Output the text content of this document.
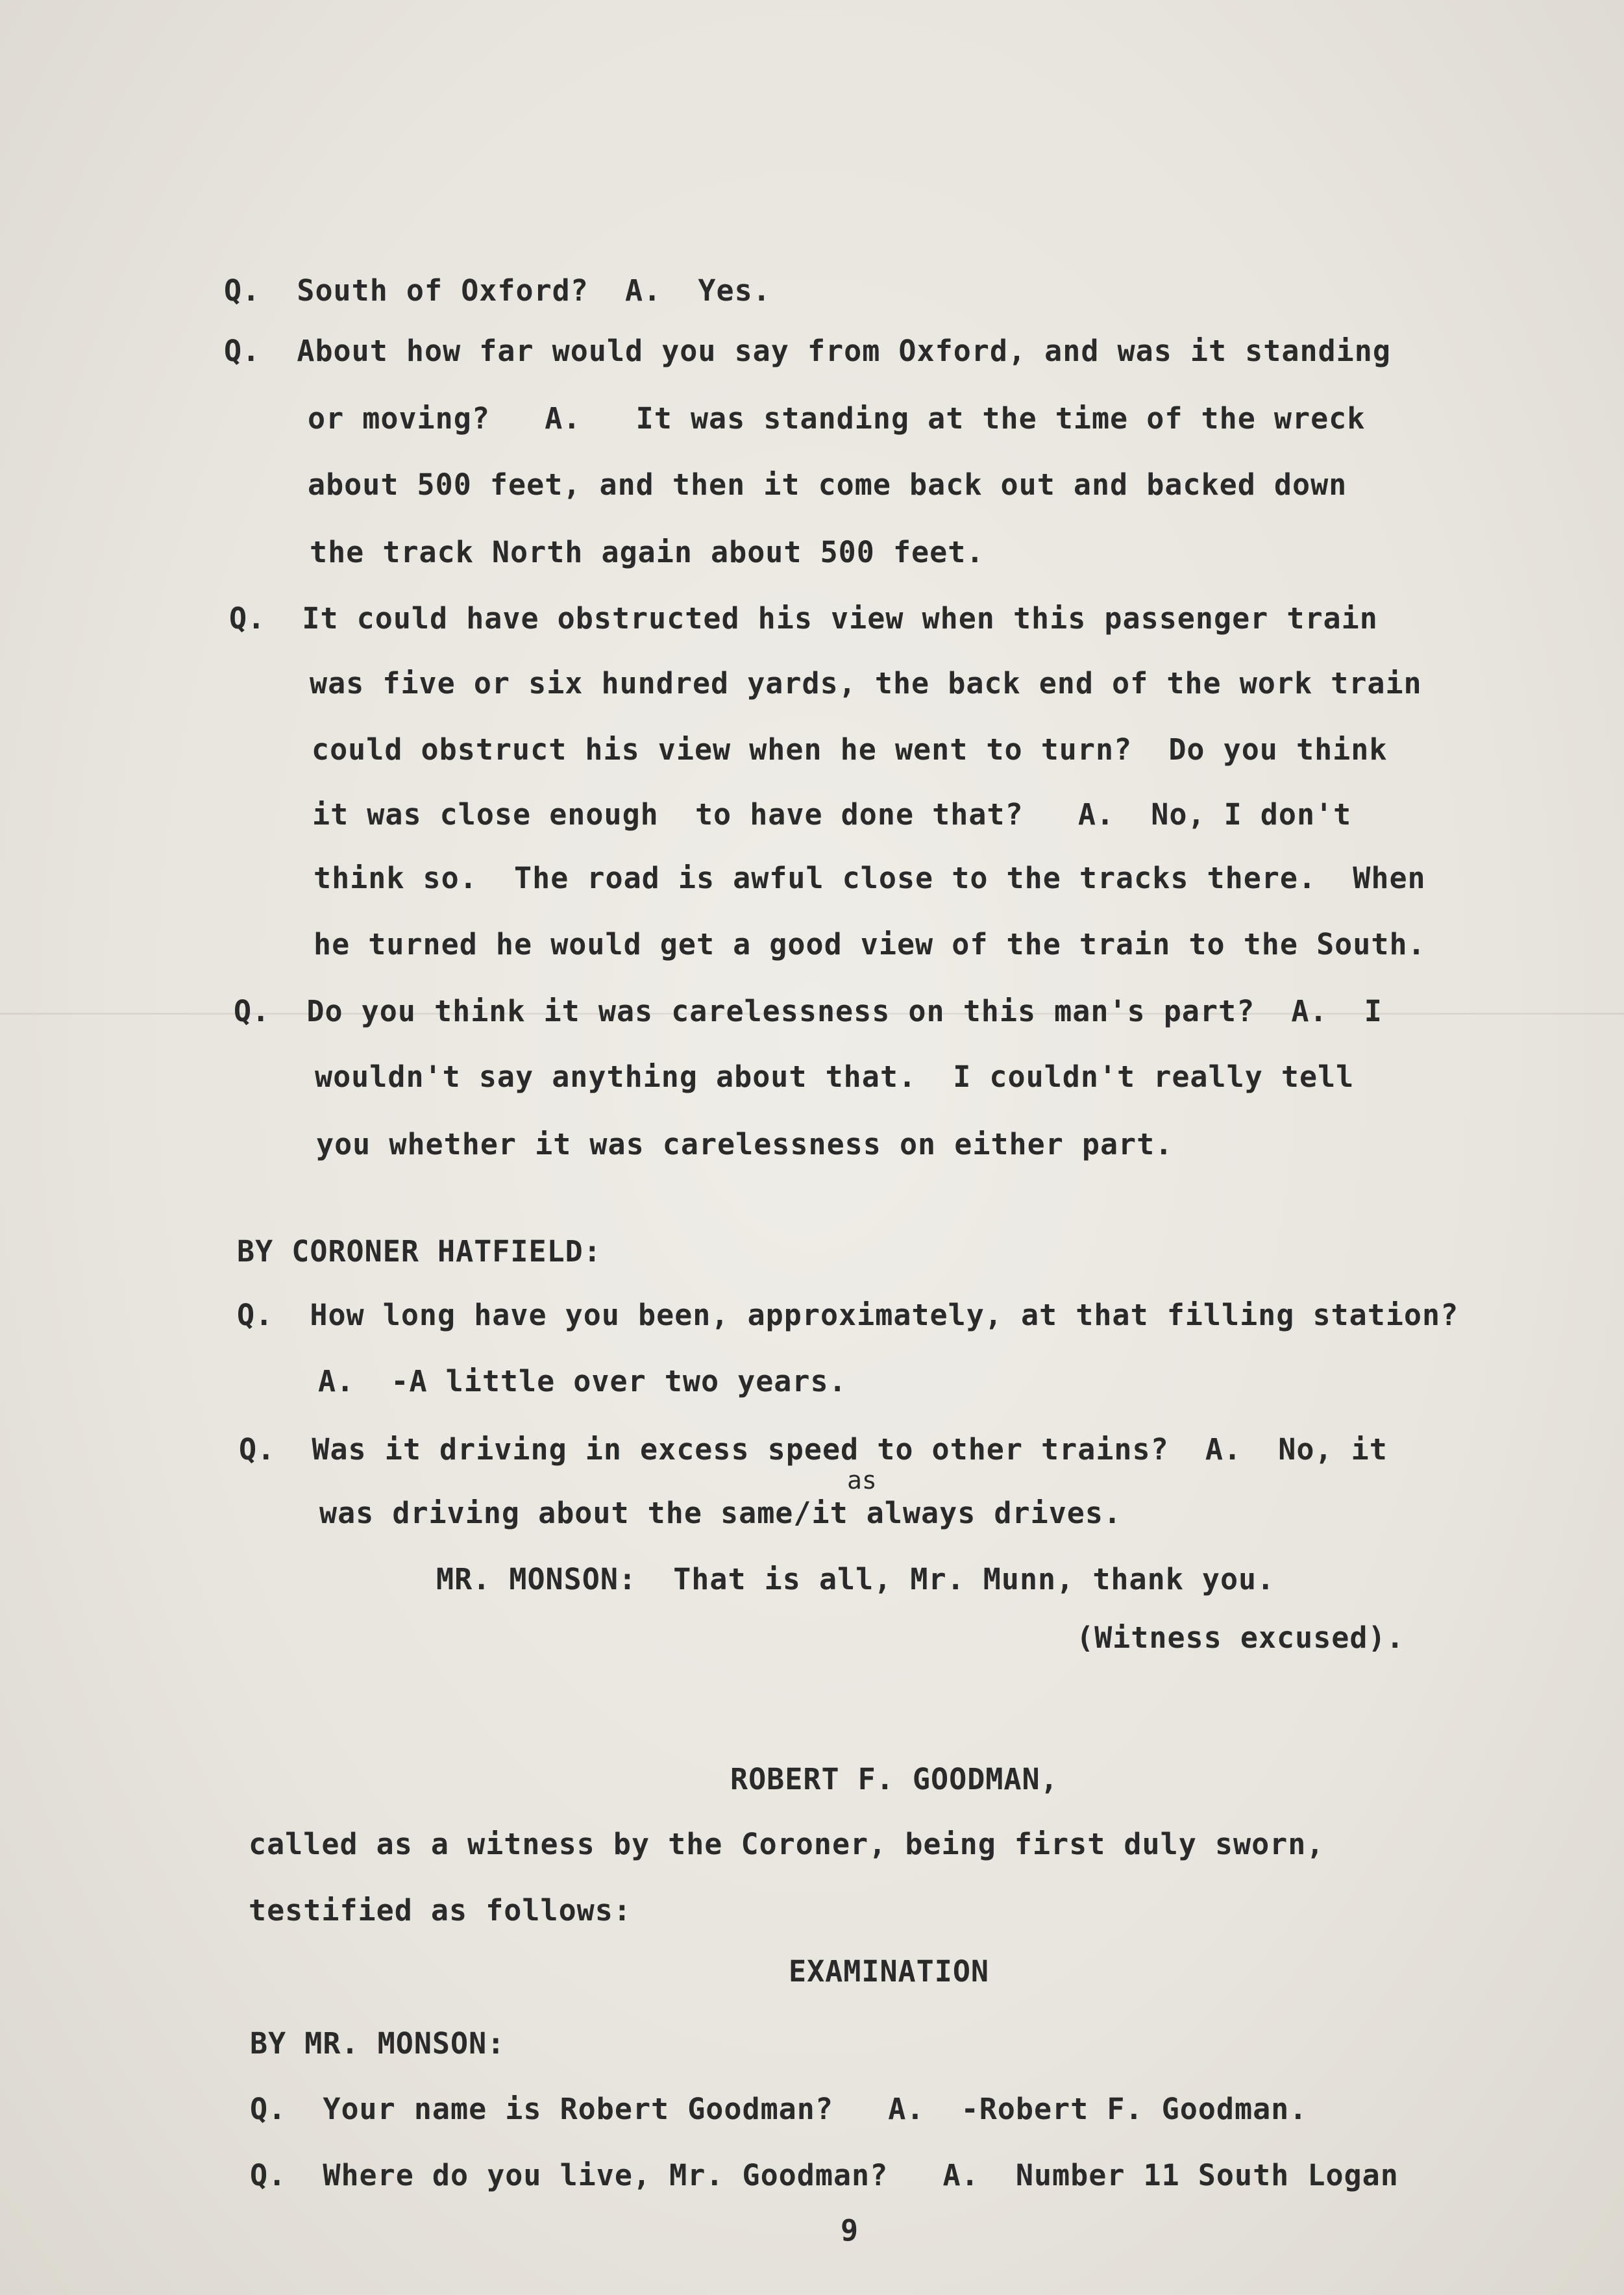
Q.  South of Oxford?  A.  Yes.
Q.  About how far would you say from Oxford, and was it standing
or moving?   A.   It was standing at the time of the wreck
about 500 feet, and then it come back out and backed down
the track North again about 500 feet.
Q.  It could have obstructed his view when this passenger train
was five or six hundred yards, the back end of the work train
could obstruct his view when he went to turn?  Do you think
it was close enough  to have done that?   A.  No, I don't
think so.  The road is awful close to the tracks there.  When
he turned he would get a good view of the train to the South.
Q.  Do you think it was carelessness on this man's part?  A.  I
wouldn't say anything about that.  I couldn't really tell
you whether it was carelessness on either part.
BY CORONER HATFIELD:
Q.  How long have you been, approximately, at that filling station?
A.  -A little over two years.
Q.  Was it driving in excess speed to other trains?  A.  No, it
as
was driving about the same/it always drives.
MR. MONSON:  That is all, Mr. Munn, thank you.
(Witness excused).
ROBERT F. GOODMAN,
called as a witness by the Coroner, being first duly sworn,
testified as follows:
EXAMINATION
BY MR. MONSON:
Q.  Your name is Robert Goodman?   A.  -Robert F. Goodman.
Q.  Where do you live, Mr. Goodman?   A.  Number 11 South Logan
9
